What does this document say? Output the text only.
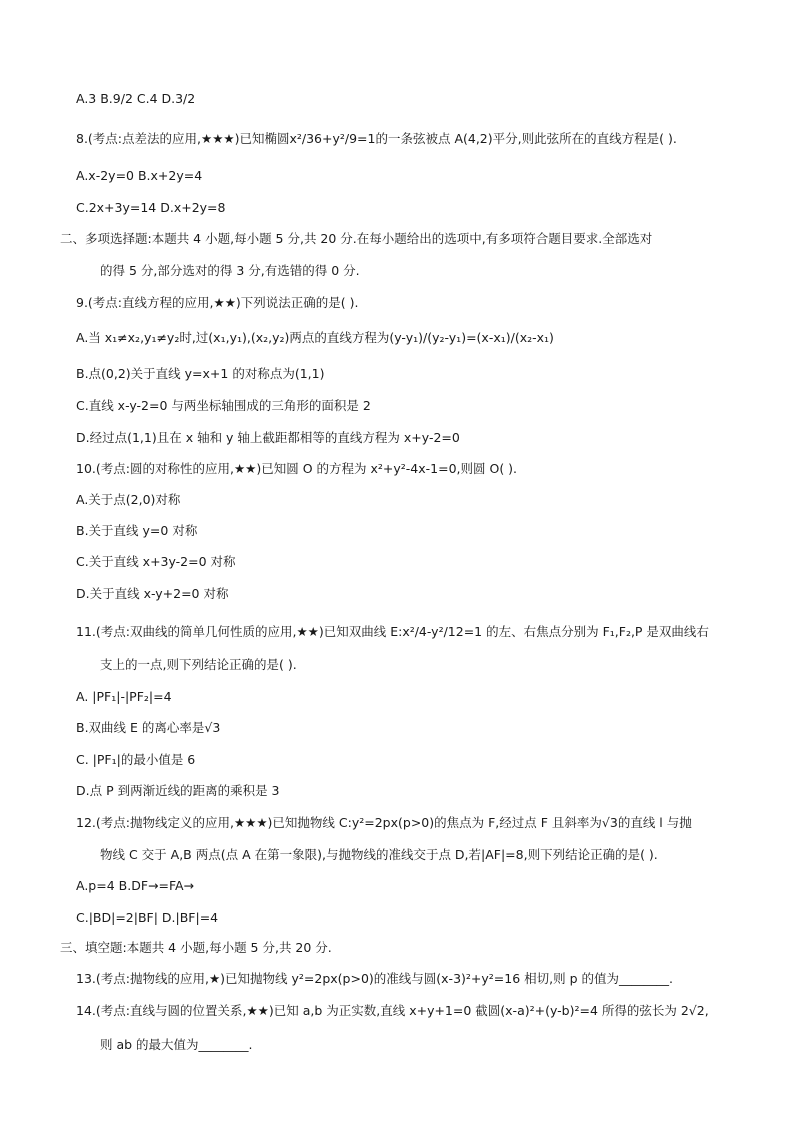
A.3 B.9/2 C.4 D.3/2
8.(考点:点差法的应用,★★★)已知椭圆x²/36+y²/9=1的一条弦被点 A(4,2)平分,则此弦所在的直线方程是( ).
A.x-2y=0 B.x+2y=4
C.2x+3y=14 D.x+2y=8
二、多项选择题:本题共 4 小题,每小题 5 分,共 20 分.在每小题给出的选项中,有多项符合题目要求.全部选对
的得 5 分,部分选对的得 3 分,有选错的得 0 分.
9.(考点:直线方程的应用,★★)下列说法正确的是( ).
A.当 x₁≠x₂,y₁≠y₂时,过(x₁,y₁),(x₂,y₂)两点的直线方程为(y-y₁)/(y₂-y₁)=(x-x₁)/(x₂-x₁)
B.点(0,2)关于直线 y=x+1 的对称点为(1,1)
C.直线 x-y-2=0 与两坐标轴围成的三角形的面积是 2
D.经过点(1,1)且在 x 轴和 y 轴上截距都相等的直线方程为 x+y-2=0
10.(考点:圆的对称性的应用,★★)已知圆 O 的方程为 x²+y²-4x-1=0,则圆 O( ).
A.关于点(2,0)对称
B.关于直线 y=0 对称
C.关于直线 x+3y-2=0 对称
D.关于直线 x-y+2=0 对称
11.(考点:双曲线的简单几何性质的应用,★★)已知双曲线 E:x²/4-y²/12=1 的左、右焦点分别为 F₁,F₂,P 是双曲线右
支上的一点,则下列结论正确的是( ).
A. |PF₁|-|PF₂|=4
B.双曲线 E 的离心率是√3
C. |PF₁|的最小值是 6
D.点 P 到两渐近线的距离的乘积是 3
12.(考点:抛物线定义的应用,★★★)已知抛物线 C:y²=2px(p>0)的焦点为 F,经过点 F 且斜率为√3的直线 l 与抛
物线 C 交于 A,B 两点(点 A 在第一象限),与抛物线的准线交于点 D,若|AF|=8,则下列结论正确的是( ).
A.p=4 B.DF→=FA→
C.|BD|=2|BF| D.|BF|=4
三、填空题:本题共 4 小题,每小题 5 分,共 20 分.
13.(考点:抛物线的应用,★)已知抛物线 y²=2px(p>0)的准线与圆(x-3)²+y²=16 相切,则 p 的值为________.
14.(考点:直线与圆的位置关系,★★)已知 a,b 为正实数,直线 x+y+1=0 截圆(x-a)²+(y-b)²=4 所得的弦长为 2√2,
则 ab 的最大值为________.
